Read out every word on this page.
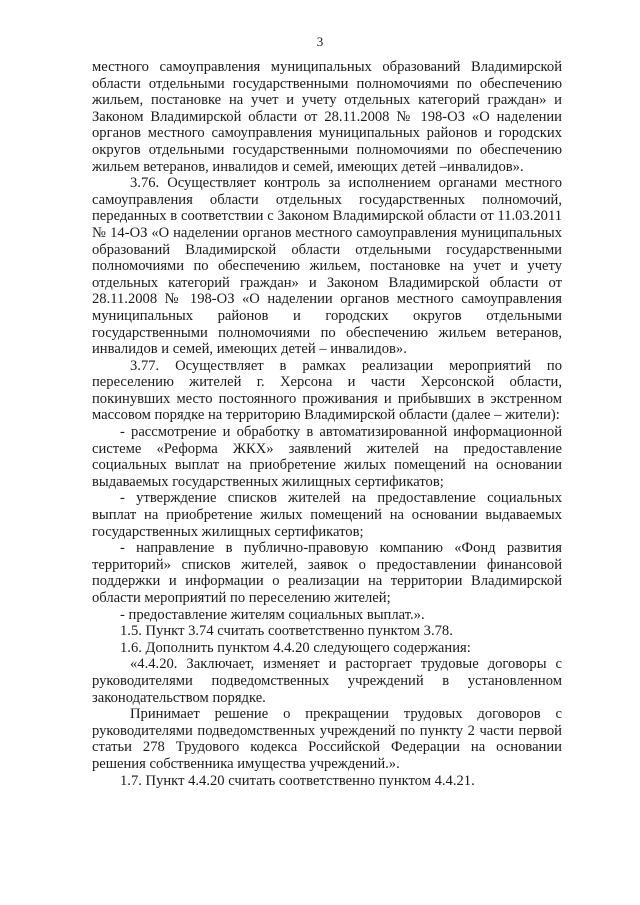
3

местного самоуправления муниципальных образований Владимирской области отдельными государственными полномочиями по обеспечению жильем, постановке на учет и учету отдельных категорий граждан» и Законом Владимирской области от 28.11.2008 № 198-ОЗ «О наделении органов местного самоуправления муниципальных районов и городских округов отдельными государственными полномочиями по обеспечению жильем ветеранов, инвалидов и семей, имеющих детей –инвалидов».

3.76. Осуществляет контроль за исполнением органами местного самоуправления области отдельных государственных полномочий, переданных в соответствии с Законом Владимирской области от 11.03.2011 № 14-ОЗ «О наделении органов местного самоуправления муниципальных образований Владимирской области отдельными государственными полномочиями по обеспечению жильем, постановке на учет и учету отдельных категорий граждан» и Законом Владимирской области от 28.11.2008 № 198-ОЗ «О наделении органов местного самоуправления муниципальных районов и городских округов отдельными государственными полномочиями по обеспечению жильем ветеранов, инвалидов и семей, имеющих детей – инвалидов».

3.77. Осуществляет в рамках реализации мероприятий по переселению жителей г. Херсона и части Херсонской области, покинувших место постоянного проживания и прибывших в экстренном массовом порядке на территорию Владимирской области (далее – жители):

- рассмотрение и обработку в автоматизированной информационной системе «Реформа ЖКХ» заявлений жителей на предоставление социальных выплат на приобретение жилых помещений на основании выдаваемых государственных жилищных сертификатов;

- утверждение списков жителей на предоставление социальных выплат на приобретение жилых помещений на основании выдаваемых государственных жилищных сертификатов;

- направление в публично-правовую компанию «Фонд развития территорий» списков жителей, заявок о предоставлении финансовой поддержки и информации о реализации на территории Владимирской области мероприятий по переселению жителей;

- предоставление жителям социальных выплат.».

1.5. Пункт 3.74 считать соответственно пунктом 3.78.

1.6. Дополнить пунктом 4.4.20 следующего содержания:

«4.4.20. Заключает, изменяет и расторгает трудовые договоры с руководителями подведомственных учреждений в установленном законодательством порядке.

Принимает решение о прекращении трудовых договоров с руководителями подведомственных учреждений по пункту 2 части первой статьи 278 Трудового кодекса Российской Федерации на основании решения собственника имущества учреждений.».

1.7. Пункт 4.4.20 считать соответственно пунктом 4.4.21.
